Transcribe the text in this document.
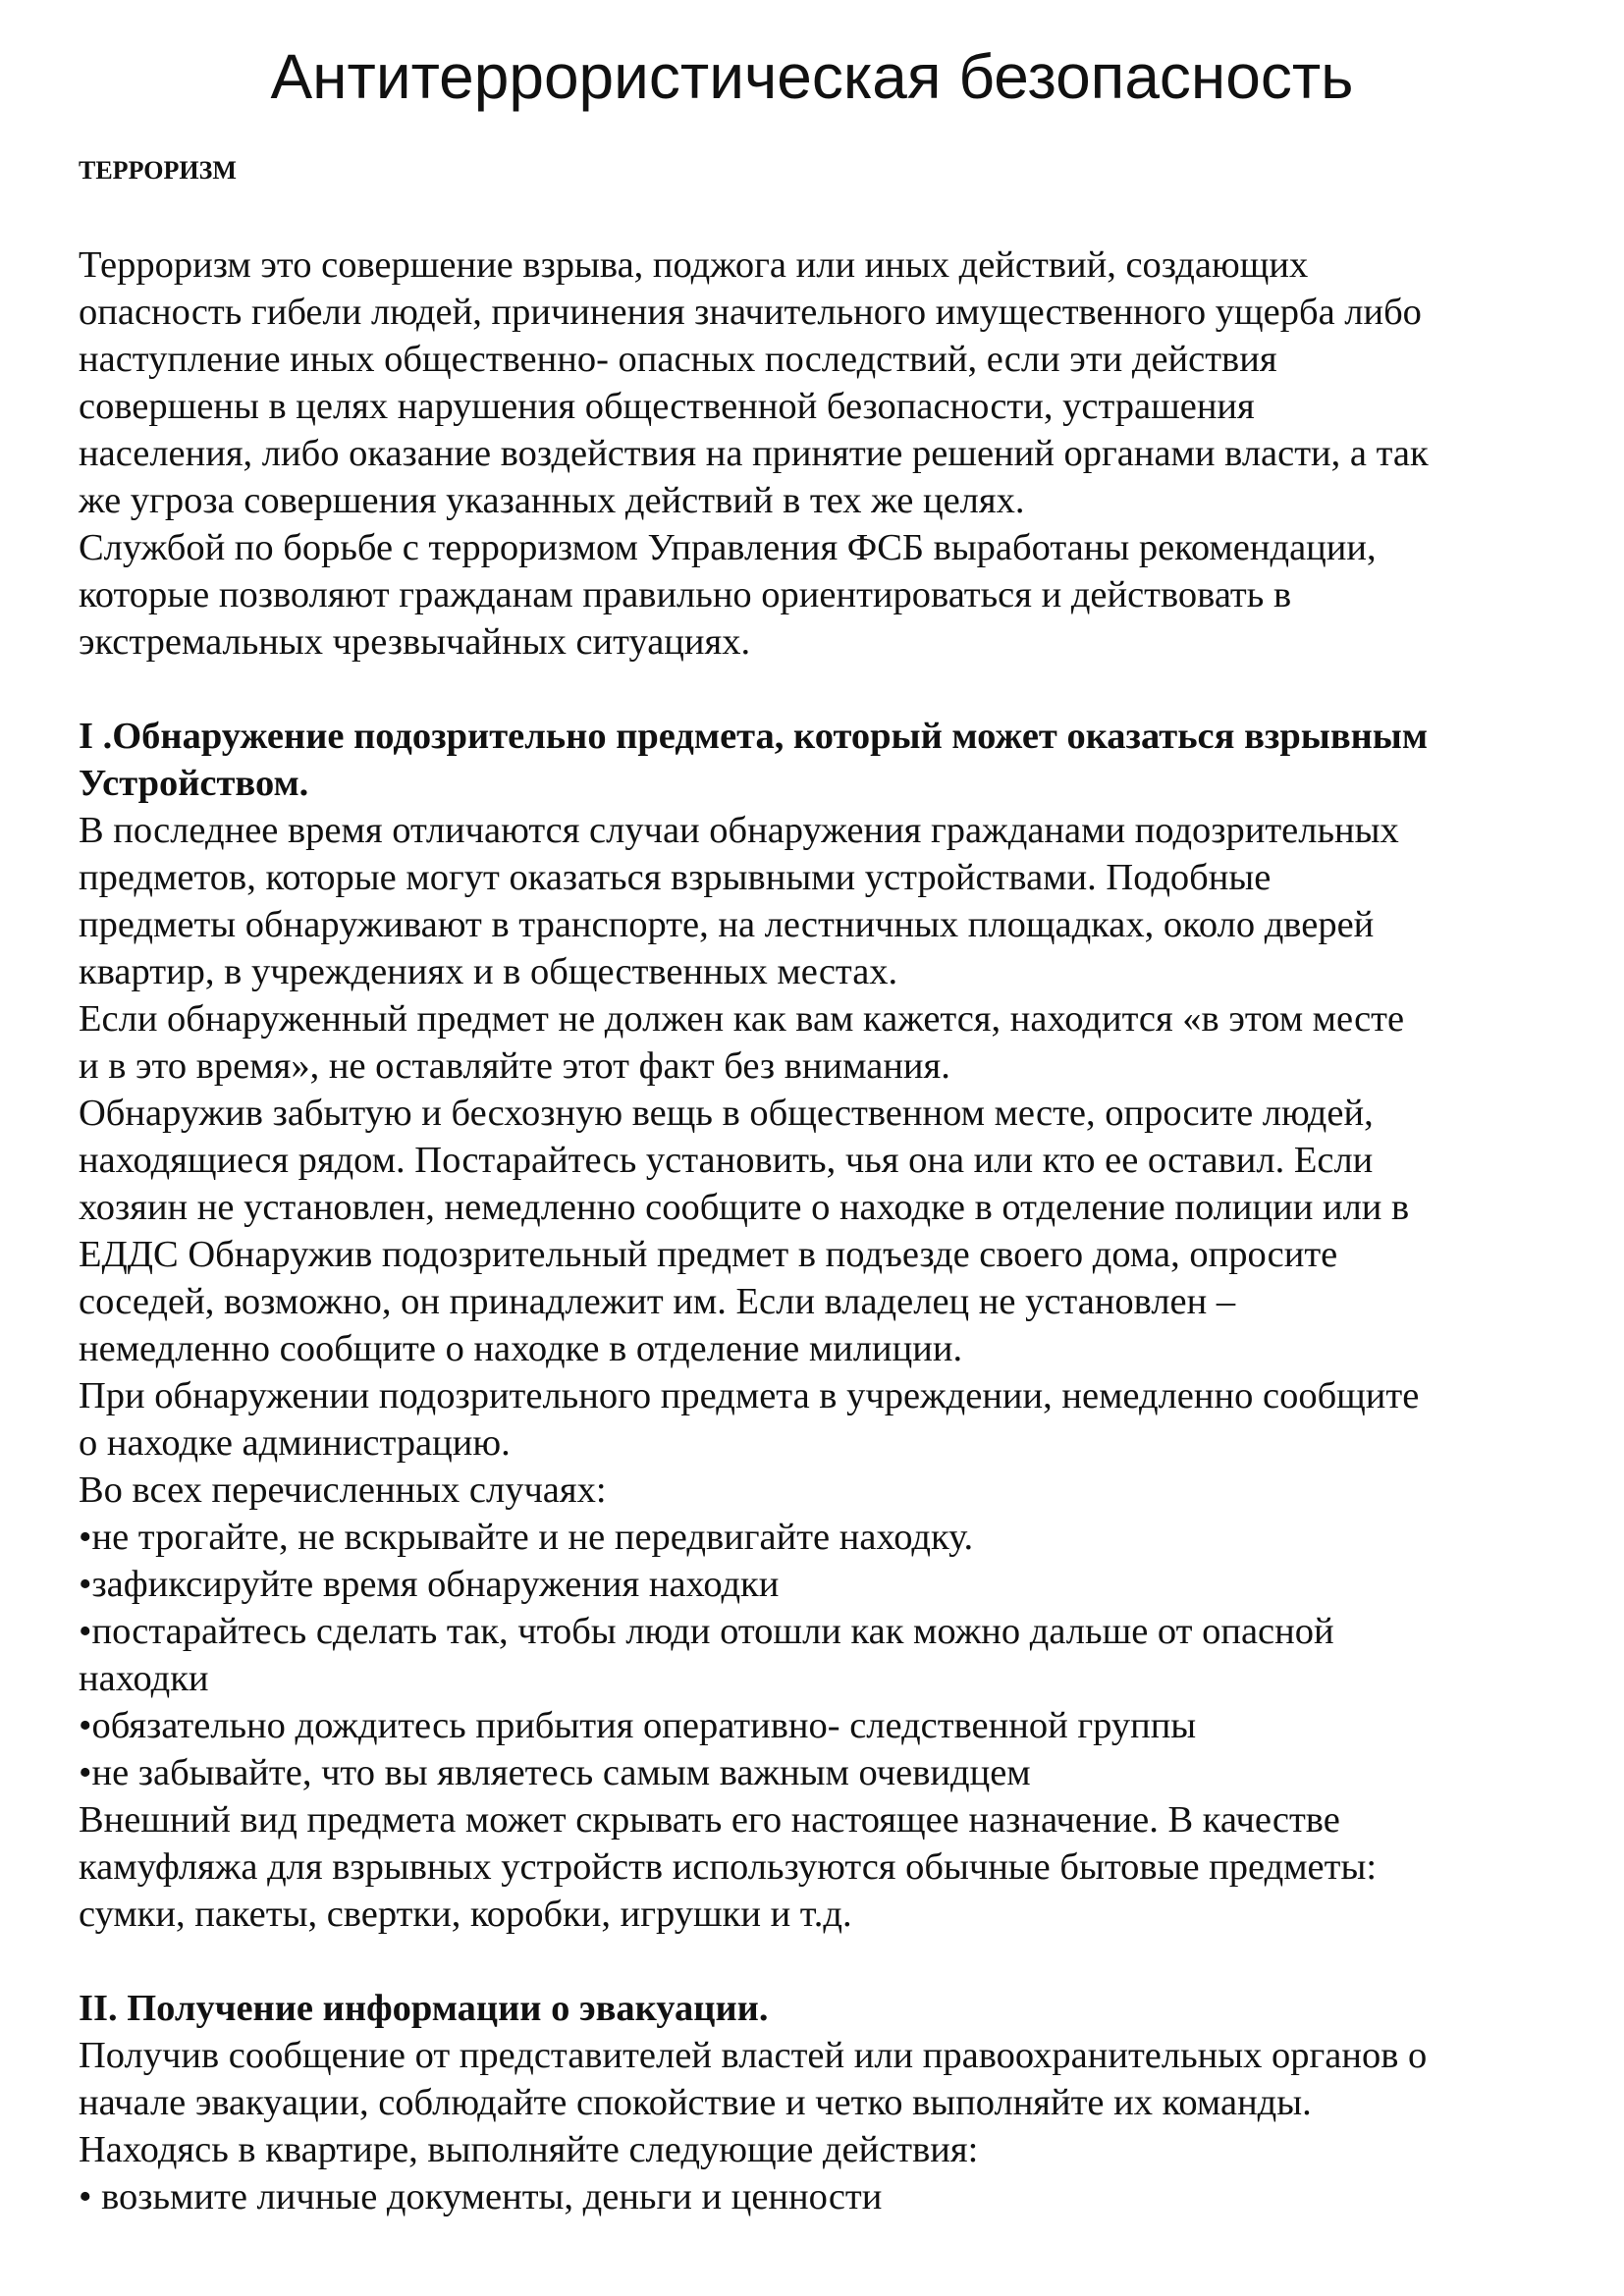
Антитеррористическая безопасность

ТЕРРОРИЗМ

Терроризм это совершение взрыва, поджога или иных действий, создающих

опасность гибели людей, причинения значительного имущественного ущерба либо

наступление иных общественно- опасных последствий, если эти действия

совершены в целях нарушения общественной безопасности, устрашения

населения, либо оказание воздействия на принятие решений органами власти, а так

же угроза совершения указанных действий в тех же целях.

Службой по борьбе с терроризмом Управления ФСБ выработаны рекомендации,

которые позволяют гражданам правильно ориентироваться и действовать в

экстремальных чрезвычайных ситуациях.

I .Обнаружение подозрительно предмета, который может оказаться взрывным

Устройством.

В последнее время отличаются случаи обнаружения гражданами подозрительных

предметов, которые могут оказаться взрывными устройствами. Подобные

предметы обнаруживают в транспорте, на лестничных площадках, около дверей

квартир, в учреждениях и в общественных местах.

Если обнаруженный предмет не должен как вам кажется, находится «в этом месте

и в это время», не оставляйте этот факт без внимания.

Обнаружив забытую и бесхозную вещь в общественном месте, опросите людей,

находящиеся рядом. Постарайтесь установить, чья она или кто ее оставил. Если

хозяин не установлен, немедленно сообщите о находке в отделение полиции или в

ЕДДС Обнаружив подозрительный предмет в подъезде своего дома, опросите

соседей, возможно, он принадлежит им. Если владелец не установлен –

немедленно сообщите о находке в отделение милиции.

При обнаружении подозрительного предмета в учреждении, немедленно сообщите

о находке администрацию.

Во всех перечисленных случаях:

•не трогайте, не вскрывайте и не передвигайте находку.

•зафиксируйте время обнаружения находки

•постарайтесь сделать так, чтобы люди отошли как можно дальше от опасной

находки

•обязательно дождитесь прибытия оперативно- следственной группы

•не забывайте, что вы являетесь самым важным очевидцем

Внешний вид предмета может скрывать его настоящее назначение. В качестве

камуфляжа для взрывных устройств используются обычные бытовые предметы:

сумки, пакеты, свертки, коробки, игрушки и т.д.

II. Получение информации о эвакуации.

Получив сообщение от представителей властей или правоохранительных органов о

начале эвакуации, соблюдайте спокойствие и четко выполняйте их команды.

Находясь в квартире, выполняйте следующие действия:

• возьмите личные документы, деньги и ценности
